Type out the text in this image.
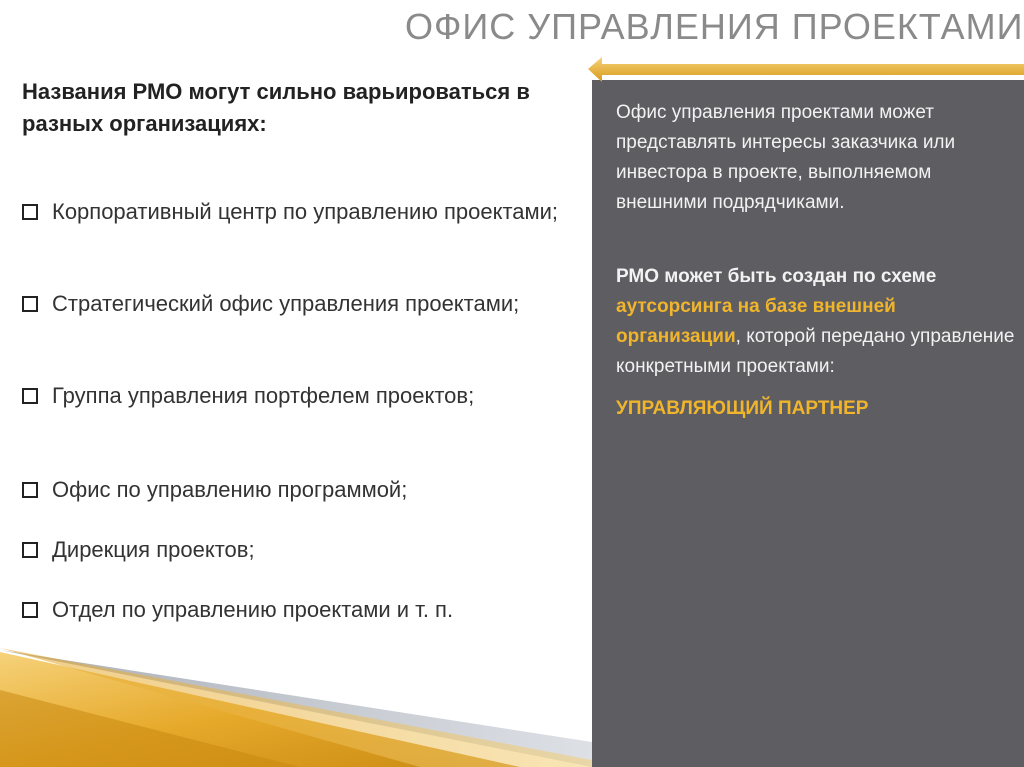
ОФИС УПРАВЛЕНИЯ ПРОЕКТАМИ
Названия РМО могут сильно варьироваться в разных организациях:
Корпоративный центр по управлению проектами;
Стратегический офис управления проектами;
Группа управления портфелем проектов;
Офис по управлению программой;
Дирекция проектов;
Отдел по управлению проектами и т. п.

Офис управления проектами может представлять интересы заказчика или инвестора в проекте, выполняемом внешними подрядчиками.

РМО может быть создан по схеме аутсорсинга на базе внешней организации, которой передано управление конкретными проектами:

УПРАВЛЯЮЩИЙ ПАРТНЕР
